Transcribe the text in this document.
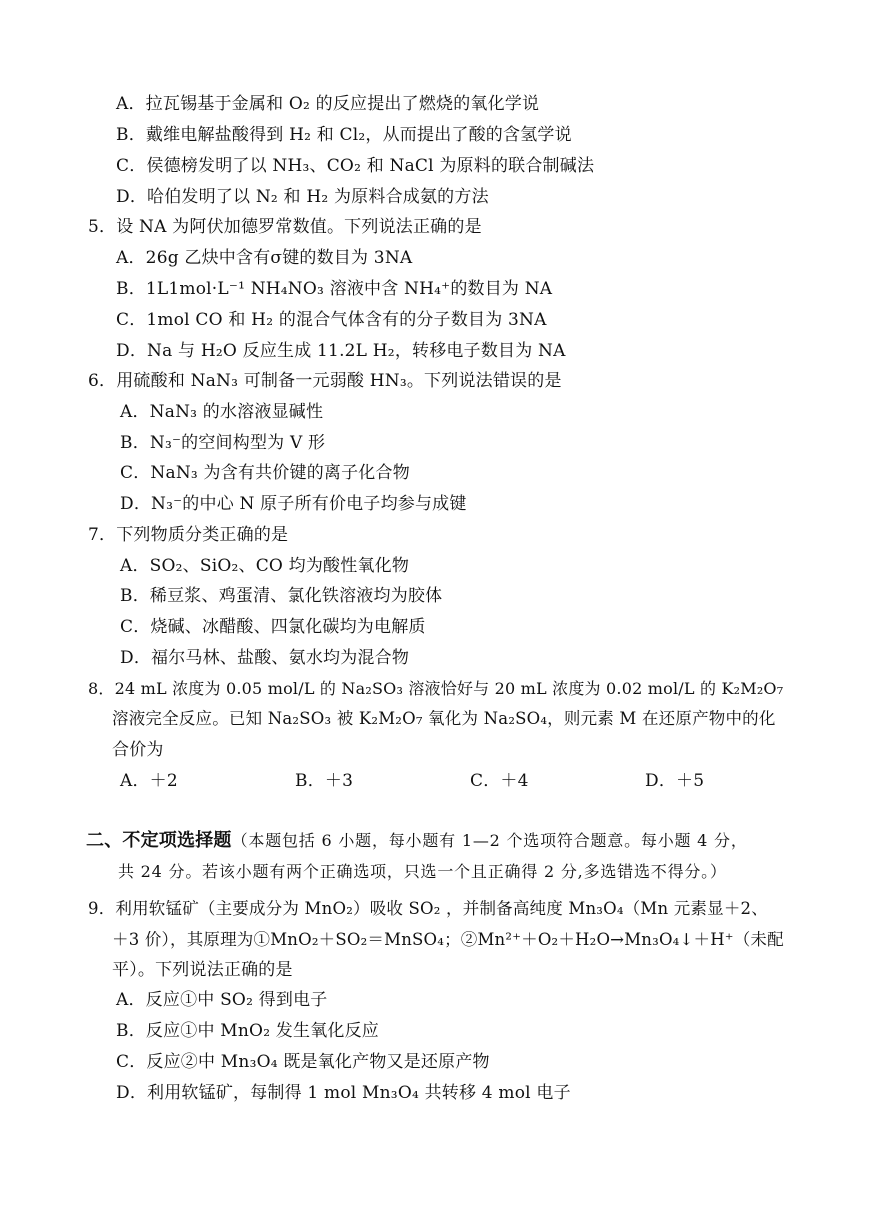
A．拉瓦锡基于金属和 O₂ 的反应提出了燃烧的氧化学说
B．戴维电解盐酸得到 H₂ 和 Cl₂，从而提出了酸的含氢学说
C．侯德榜发明了以 NH₃、CO₂ 和 NaCl 为原料的联合制碱法
D．哈伯发明了以 N₂ 和 H₂ 为原料合成氨的方法
5．设 NA 为阿伏加德罗常数值。下列说法正确的是
A．26g 乙炔中含有σ键的数目为 3NA
B．1L1mol·L⁻¹ NH₄NO₃ 溶液中含 NH₄⁺的数目为 NA
C．1mol CO 和 H₂ 的混合气体含有的分子数目为 3NA
D．Na 与 H₂O 反应生成 11.2L H₂，转移电子数目为 NA
6．用硫酸和 NaN₃ 可制备一元弱酸 HN₃。下列说法错误的是
A．NaN₃ 的水溶液显碱性
B．N₃⁻的空间构型为 V 形
C．NaN₃ 为含有共价键的离子化合物
D．N₃⁻的中心 N 原子所有价电子均参与成键
7．下列物质分类正确的是
A．SO₂、SiO₂、CO 均为酸性氧化物
B．稀豆浆、鸡蛋清、氯化铁溶液均为胶体
C．烧碱、冰醋酸、四氯化碳均为电解质
D．福尔马林、盐酸、氨水均为混合物
8．24 mL 浓度为 0.05 mol/L 的 Na₂SO₃ 溶液恰好与 20 mL 浓度为 0.02 mol/L 的 K₂M₂O₇
溶液完全反应。已知 Na₂SO₃ 被 K₂M₂O₇ 氧化为 Na₂SO₄，则元素 M 在还原产物中的化
合价为
A．＋2	B．＋3	C．＋4	D．＋5
二、不定项选择题（本题包括 6 小题，每小题有 1—2 个选项符合题意。每小题 4 分，
共 24 分。若该小题有两个正确选项，只选一个且正确得 2 分,多选错选不得分。）
9．利用软锰矿（主要成分为 MnO₂）吸收 SO₂ ，并制备高纯度 Mn₃O₄（Mn 元素显＋2、
＋3 价），其原理为①MnO₂＋SO₂＝MnSO₄；②Mn²⁺＋O₂＋H₂O→Mn₃O₄↓＋H⁺（未配
平）。下列说法正确的是
A．反应①中 SO₂ 得到电子
B．反应①中 MnO₂ 发生氧化反应
C．反应②中 Mn₃O₄ 既是氧化产物又是还原产物
D．利用软锰矿，每制得 1 mol Mn₃O₄ 共转移 4 mol 电子
